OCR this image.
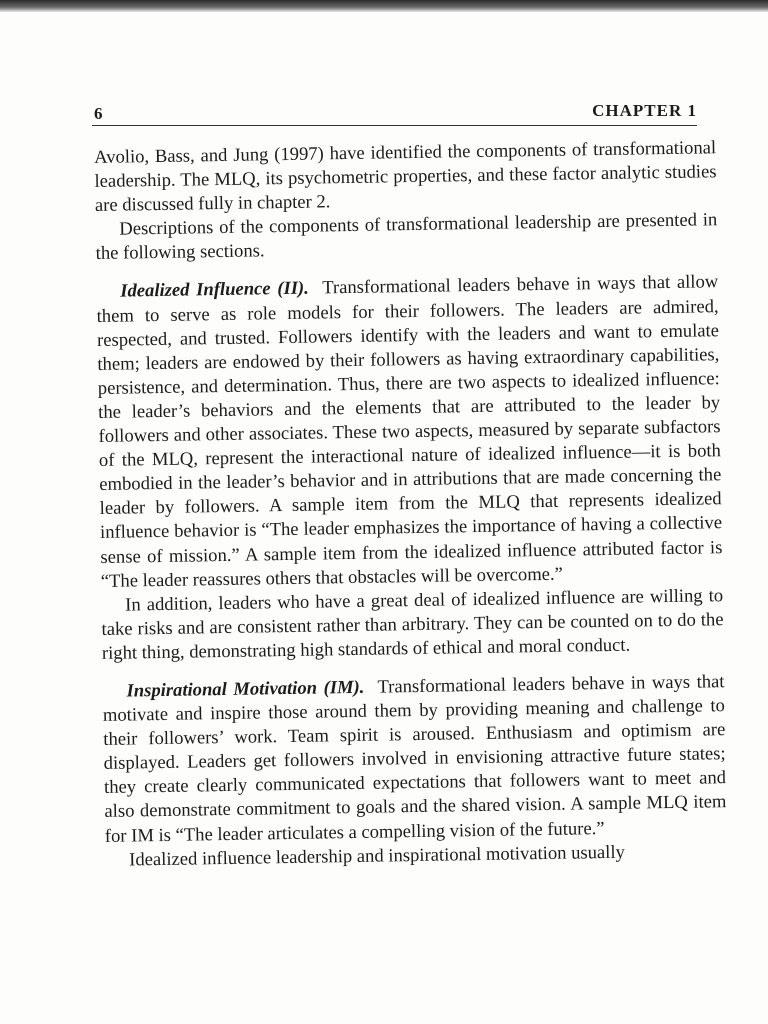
6	CHAPTER 1

Avolio, Bass, and Jung (1997) have identified the components of transformational leadership. The MLQ, its psychometric properties, and these factor analytic studies are discussed fully in chapter 2.

Descriptions of the components of transformational leadership are presented in the following sections.

Idealized Influence (II). Transformational leaders behave in ways that allow them to serve as role models for their followers. The leaders are admired, respected, and trusted. Followers identify with the leaders and want to emulate them; leaders are endowed by their followers as having extraordinary capabilities, persistence, and determination. Thus, there are two aspects to idealized influence: the leader’s behaviors and the elements that are attributed to the leader by followers and other associates. These two aspects, measured by separate subfactors of the MLQ, represent the interactional nature of idealized influence—it is both embodied in the leader’s behavior and in attributions that are made concerning the leader by followers. A sample item from the MLQ that represents idealized influence behavior is “The leader emphasizes the importance of having a collective sense of mission.” A sample item from the idealized influence attributed factor is “The leader reassures others that obstacles will be overcome.”

In addition, leaders who have a great deal of idealized influence are willing to take risks and are consistent rather than arbitrary. They can be counted on to do the right thing, demonstrating high standards of ethical and moral conduct.

Inspirational Motivation (IM). Transformational leaders behave in ways that motivate and inspire those around them by providing meaning and challenge to their followers’ work. Team spirit is aroused. Enthusiasm and optimism are displayed. Leaders get followers involved in envisioning attractive future states; they create clearly communicated expectations that followers want to meet and also demonstrate commitment to goals and the shared vision. A sample MLQ item for IM is “The leader articulates a compelling vision of the future.”

Idealized influence leadership and inspirational motivation usually
